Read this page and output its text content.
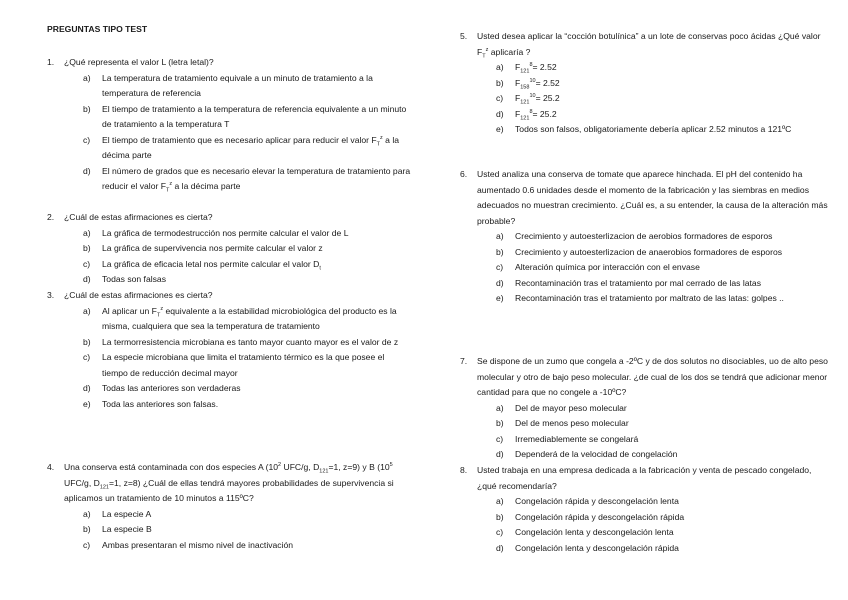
PREGUNTAS TIPO TEST
1. ¿Qué representa el valor L (letra letal)?
a) La temperatura de tratamiento equivale a un minuto de tratamiento a la temperatura de referencia
b) El tiempo de tratamiento a la temperatura de referencia equivalente a un minuto de tratamiento a la temperatura T
c) El tiempo de tratamiento que es necesario aplicar para reducir el valor $F_T^z$ a la décima parte
d) El número de grados que es necesario elevar la temperatura de tratamiento para reducir el valor $F_T^z$ a la décima parte
2. ¿Cuál de estas afirmaciones es cierta?
a) La gráfica de termodestrucción nos permite calcular el valor de L
b) La gráfica de supervivencia nos permite calcular el valor z
c) La gráfica de eficacia letal nos permite calcular el valor $D_t$
d) Todas son falsas
3. ¿Cuál de estas afirmaciones es cierta?
a) Al aplicar un $F_T^z$ equivalente a la estabilidad microbiológica del producto es la misma, cualquiera que sea la temperatura de tratamiento
b) La termorresistencia microbiana es tanto mayor cuanto mayor es el valor de z
c) La especie microbiana que limita el tratamiento térmico es la que posee el tiempo de reducción decimal mayor
d) Todas las anteriores son verdaderas
e) Toda las anteriores son falsas.
4. Una conserva está contaminada con dos especies A ($10^2$ UFC/g, $D_{121}=1$, z=9) y B ($10^5$ UFC/g, $D_{121}=1$, z=8) ¿Cuál de ellas tendrá mayores probabilidades de supervivencia si aplicamos un tratamiento de 10 minutos a 115ºC?
a) La especie A
b) La especie B
c) Ambas presentaran el mismo nivel de inactivación
5. Usted desea aplicar la “cocción botulínica” a un lote de conservas poco ácidas ¿Qué valor $F_T^z$ aplicaría ?
a) $F_{121}^8= 2.52$
b) $F_{158}^{10}= 2.52$
c) $F_{121}^{10}= 25.2$
d) $F_{121}^8= 25.2$
e) Todos son falsos, obligatoriamente debería aplicar 2.52 minutos a 121ºC
6. Usted analiza una conserva de tomate que aparece hinchada. El pH del contenido ha aumentado 0.6 unidades desde el momento de la fabricación y las siembras en medios adecuados no muestran crecimiento. ¿Cuál es, a su entender, la causa de la alteración más probable?
a) Crecimiento y autoesterlizacion de aerobios formadores de esporos
b) Crecimiento y autoesterlizacion de anaerobios formadores de esporos
c) Alteración química por interacción con el envase
d) Recontaminación tras el tratamiento por mal cerrado de las latas
e) Recontaminación tras el tratamiento por maltrato de las latas: golpes ..
7. Se dispone de un zumo que congela a -2ºC y de dos solutos no disociables, uo de alto peso molecular y otro de bajo peso molecular. ¿de cual de los dos se tendrá que adicionar menor cantidad para que no congele a -10ºC?
a) Del de mayor peso molecular
b) Del de menos peso molecular
c) Irremediablemente se congelará
d) Dependerá de la velocidad de congelación
8. Usted trabaja en una empresa dedicada a la fabricación y venta de pescado congelado, ¿qué recomendaría?
a) Congelación rápida y descongelación lenta
b) Congelación rápida y descongelación rápida
c) Congelación lenta y descongelación lenta
d) Congelación lenta y descongelación rápida
